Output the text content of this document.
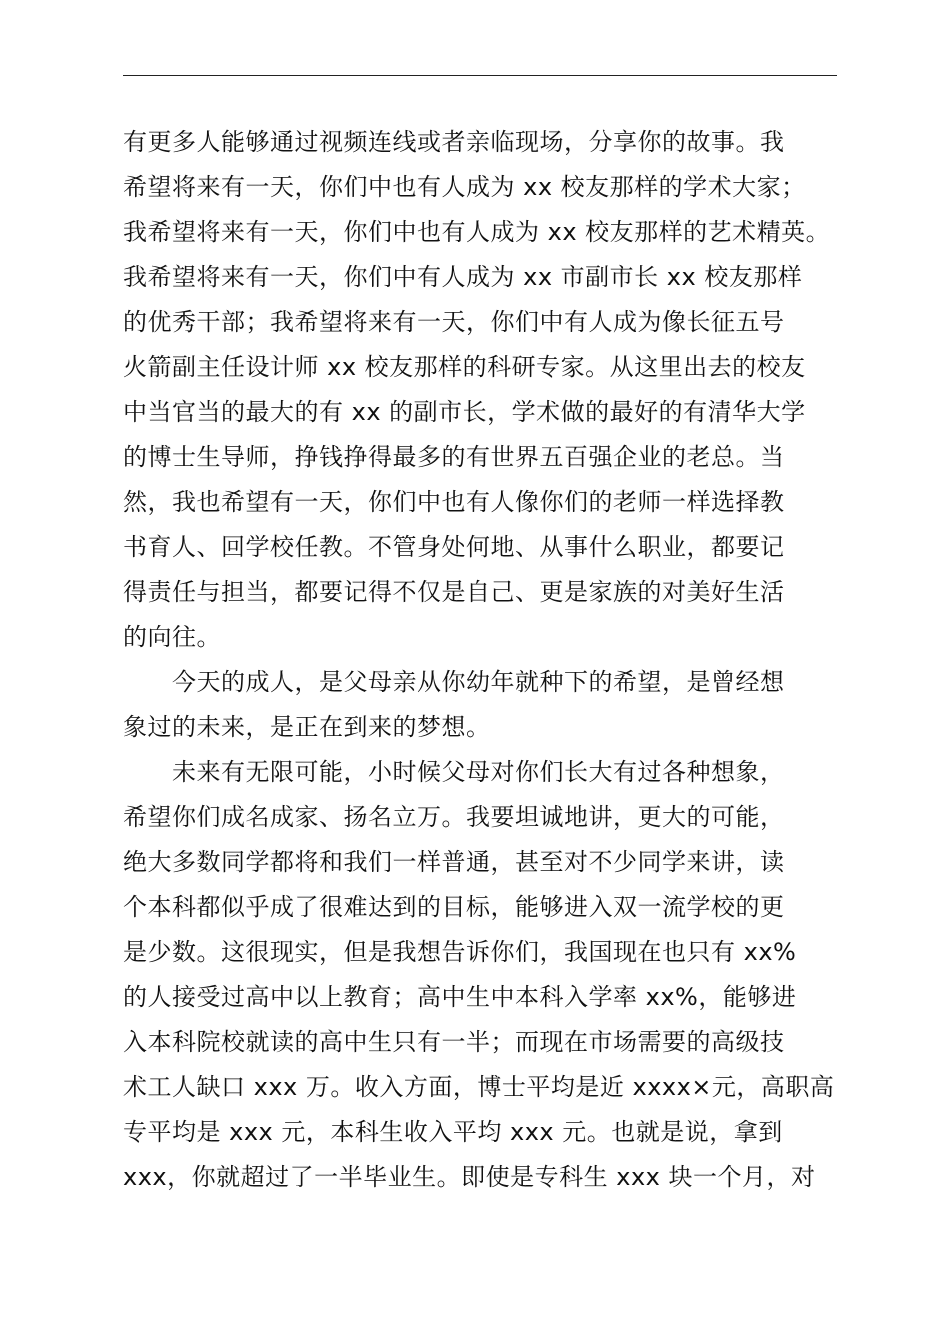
有更多人能够通过视频连线或者亲临现场，分享你的故事。我
希望将来有一天，你们中也有人成为 xx 校友那样的学术大家；
我希望将来有一天，你们中也有人成为 xx 校友那样的艺术精英。
我希望将来有一天，你们中有人成为 xx 市副市长 xx 校友那样
的优秀干部；我希望将来有一天，你们中有人成为像长征五号
火箭副主任设计师 xx 校友那样的科研专家。从这里出去的校友
中当官当的最大的有 xx 的副市长，学术做的最好的有清华大学
的博士生导师，挣钱挣得最多的有世界五百强企业的老总。当
然，我也希望有一天，你们中也有人像你们的老师一样选择教
书育人、回学校任教。不管身处何地、从事什么职业，都要记
得责任与担当，都要记得不仅是自己、更是家族的对美好生活
的向往。
今天的成人，是父母亲从你幼年就种下的希望，是曾经想
象过的未来，是正在到来的梦想。
未来有无限可能，小时候父母对你们长大有过各种想象，
希望你们成名成家、扬名立万。我要坦诚地讲，更大的可能，
绝大多数同学都将和我们一样普通，甚至对不少同学来讲，读
个本科都似乎成了很难达到的目标，能够进入双一流学校的更
是少数。这很现实，但是我想告诉你们，我国现在也只有 xx%
的人接受过高中以上教育；高中生中本科入学率 xx%，能够进
入本科院校就读的高中生只有一半；而现在市场需要的高级技
术工人缺口 xxx 万。收入方面，博士平均是近 xxxx×元，高职高
专平均是 xxx 元，本科生收入平均 xxx 元。也就是说，拿到
xxx，你就超过了一半毕业生。即使是专科生 xxx 块一个月，对
